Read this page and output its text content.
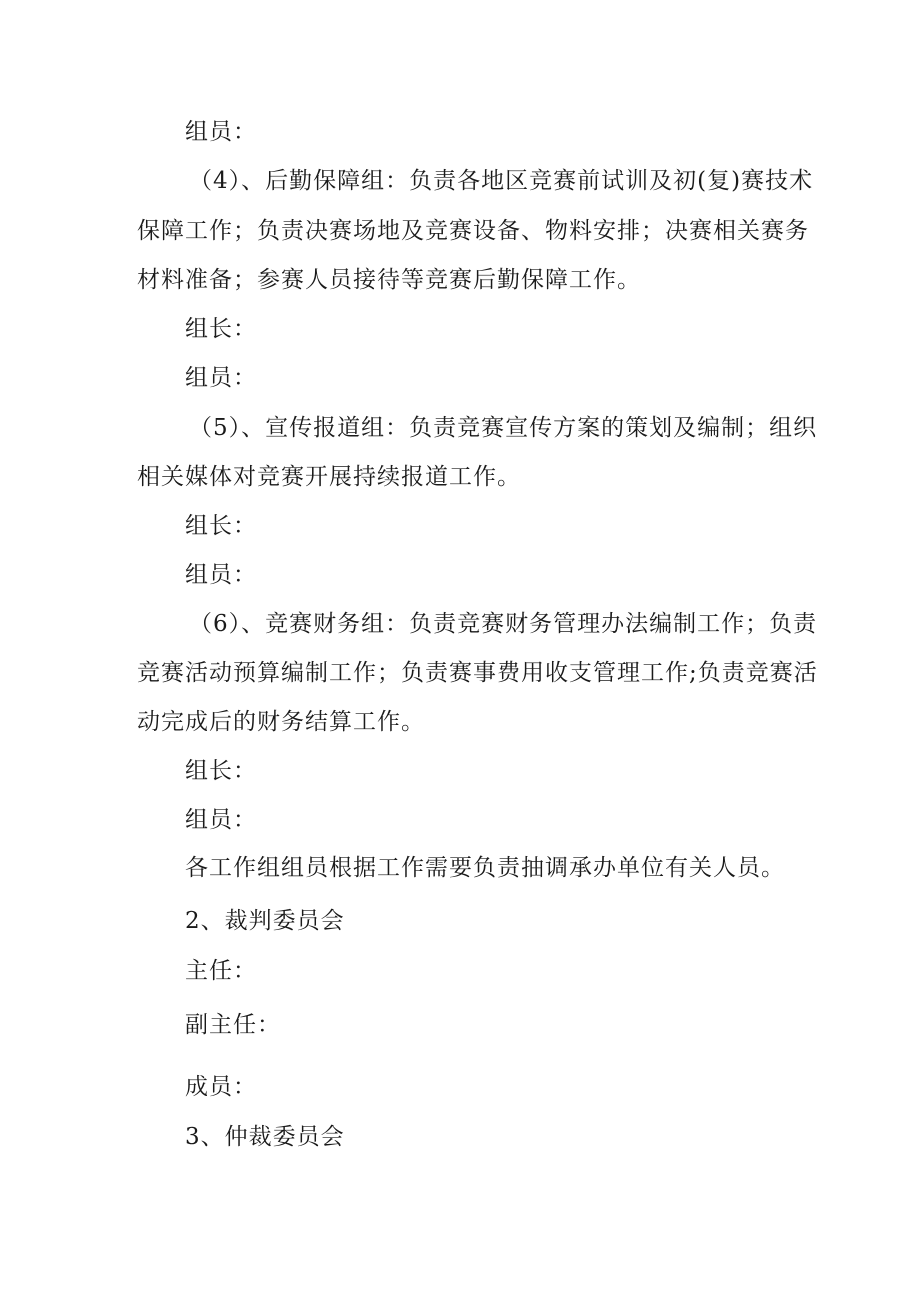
组员：
（4）、后勤保障组：负责各地区竞赛前试训及初(复)赛技术
保障工作；负责决赛场地及竞赛设备、物料安排；决赛相关赛务
材料准备；参赛人员接待等竞赛后勤保障工作。
组长：
组员：
（5）、宣传报道组：负责竞赛宣传方案的策划及编制；组织
相关媒体对竞赛开展持续报道工作。
组长：
组员：
（6）、竞赛财务组：负责竞赛财务管理办法编制工作；负责
竞赛活动预算编制工作；负责赛事费用收支管理工作;负责竞赛活
动完成后的财务结算工作。
组长：
组员：
各工作组组员根据工作需要负责抽调承办单位有关人员。
2、裁判委员会
主任：
副主任：
成员：
3、仲裁委员会
